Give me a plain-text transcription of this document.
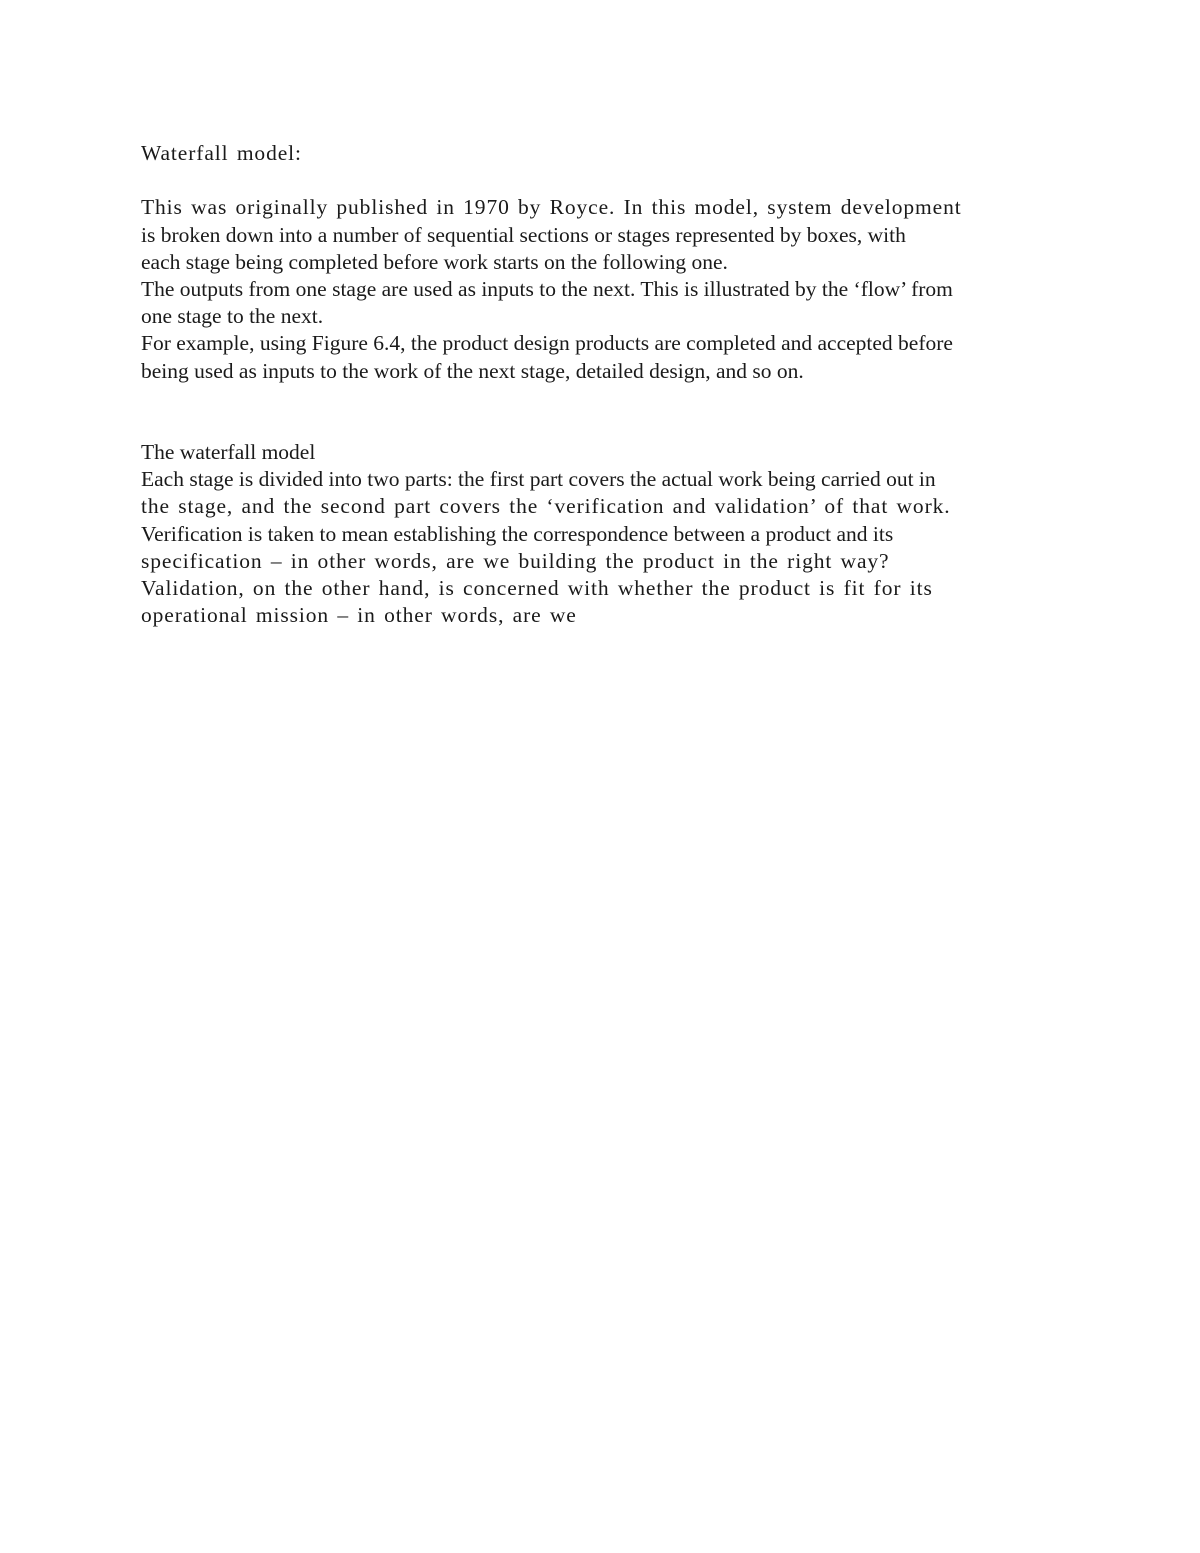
Waterfall model:
This was originally published in 1970 by Royce. In this model, system development
is broken down into a number of sequential sections or stages represented by boxes, with
each stage being completed before work starts on the following one.
The outputs from one stage are used as inputs to the next. This is illustrated by the ‘flow’ from
one stage to the next.
For example, using Figure 6.4, the product design products are completed and accepted before
being used as inputs to the work of the next stage, detailed design, and so on.
The waterfall model
Each stage is divided into two parts: the first part covers the actual work being carried out in
the stage, and the second part covers the ‘verification and validation’ of that work.
Verification is taken to mean establishing the correspondence between a product and its
specification – in other words, are we building the product in the right way?
Validation, on the other hand, is concerned with whether the product is fit for its
operational mission – in other words, are we
